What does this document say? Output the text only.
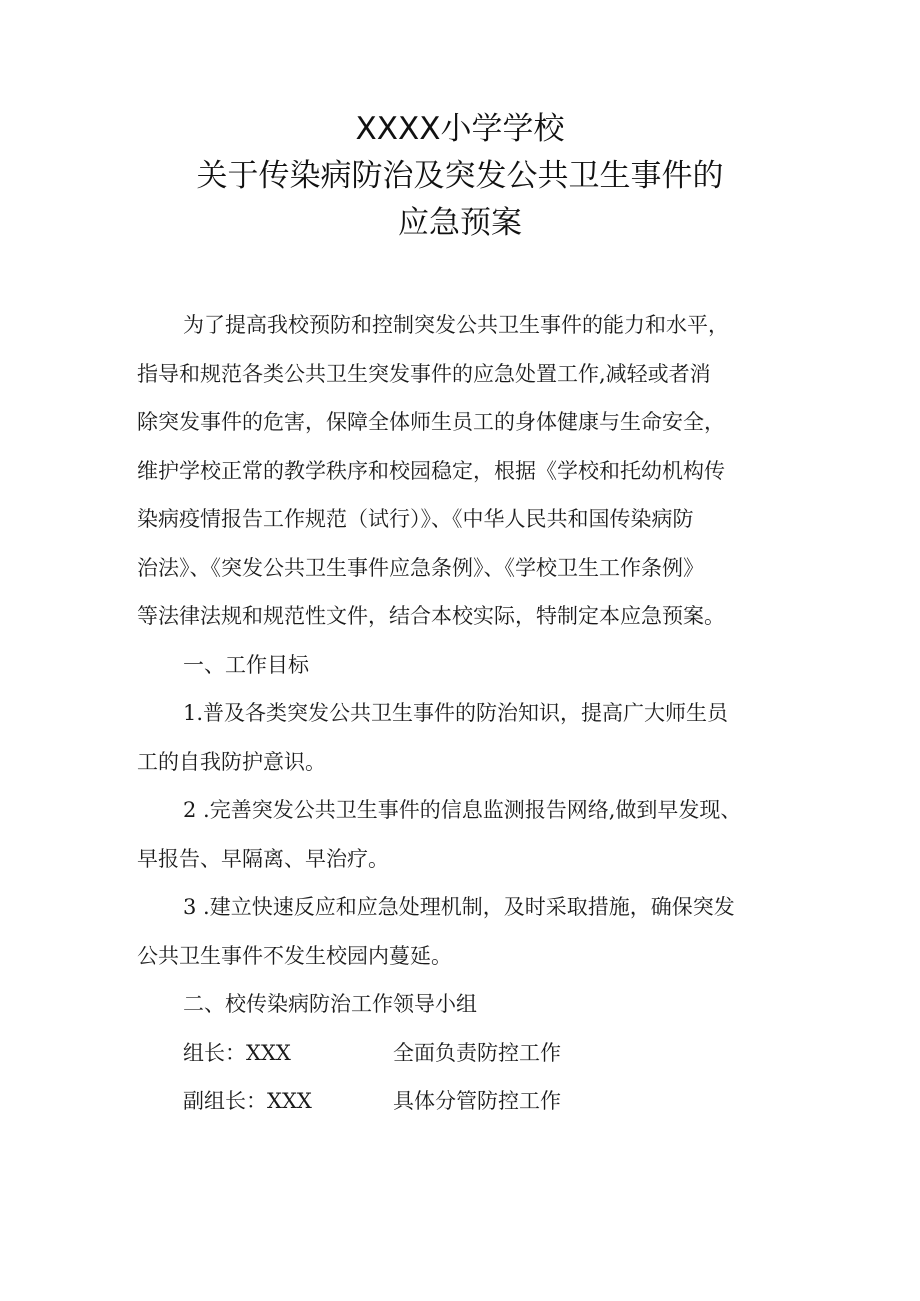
XXXX小学学校
关于传染病防治及突发公共卫生事件的
应急预案
为了提高我校预防和控制突发公共卫生事件的能力和水平，
指导和规范各类公共卫生突发事件的应急处置工作,减轻或者消
除突发事件的危害，保障全体师生员工的身体健康与生命安全，
维护学校正常的教学秩序和校园稳定，根据《学校和托幼机构传
染病疫情报告工作规范（试行）》、《中华人民共和国传染病防
治法》、《突发公共卫生事件应急条例》、《学校卫生工作条例》
等法律法规和规范性文件，结合本校实际，特制定本应急预案。
一、工作目标
1.普及各类突发公共卫生事件的防治知识，提高广大师生员
工的自我防护意识。
2 .完善突发公共卫生事件的信息监测报告网络,做到早发现、
早报告、早隔离、早治疗。
3 .建立快速反应和应急处理机制，及时采取措施，确保突发
公共卫生事件不发生校园内蔓延。
二、校传染病防治工作领导小组
组长：XXX	全面负责防控工作
副组长：XXX	具体分管防控工作
